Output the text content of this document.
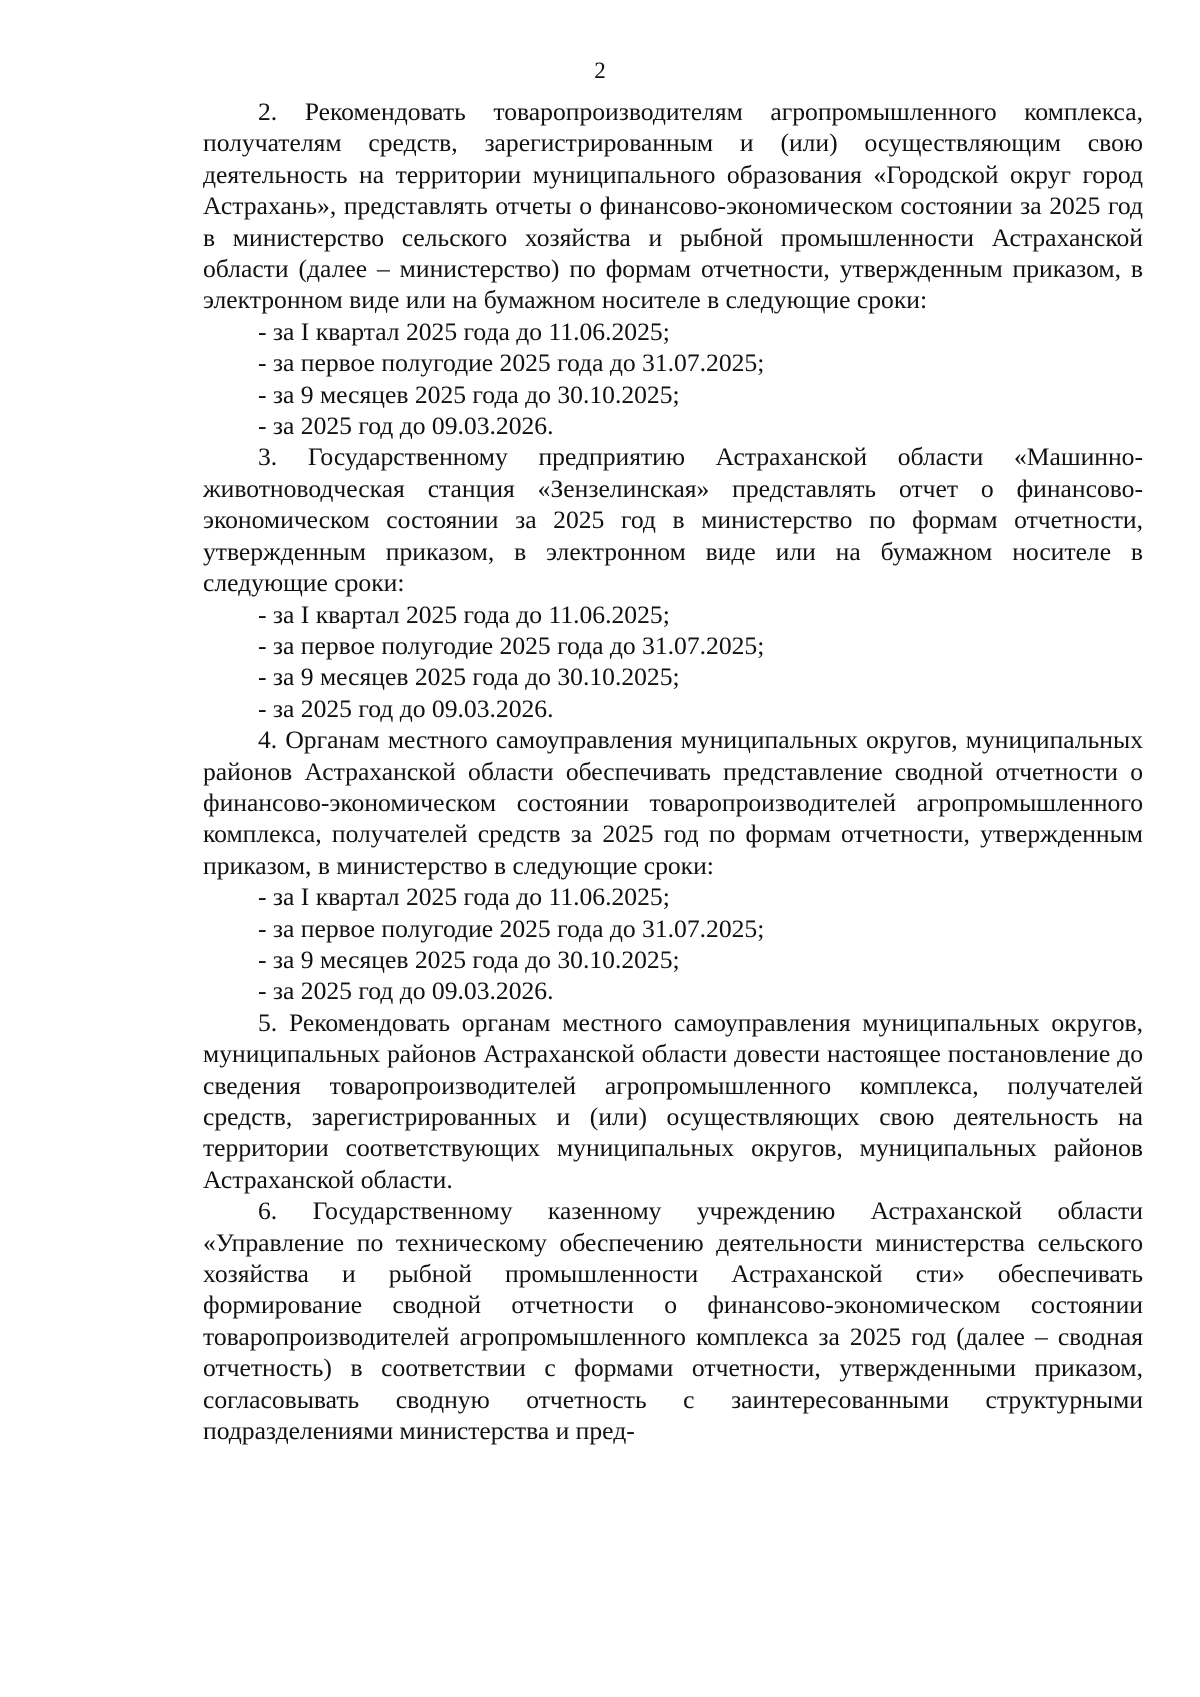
2

2. Рекомендовать товаропроизводителям агропромышленного комплекса, получателям средств, зарегистрированным и (или) осуществляющим свою деятельность на территории муниципального образования «Городской округ город Астрахань», представлять отчеты о финансово-экономическом состоянии за 2025 год в министерство сельского хозяйства и рыбной промышленности Астраханской области (далее – министерство) по формам отчетности, утвержденным приказом, в электронном виде или на бумажном носителе в следующие сроки:

- за I квартал 2025 года до 11.06.2025;

- за первое полугодие 2025 года до 31.07.2025;

- за 9 месяцев 2025 года до 30.10.2025;

- за 2025 год до 09.03.2026.

3. Государственному предприятию Астраханской области «Машинно-животноводческая станция «Зензелинская» представлять отчет о финансово-экономическом состоянии за 2025 год в министерство по формам отчетности, утвержденным приказом, в электронном виде или на бумажном носителе в следующие сроки:

- за I квартал 2025 года до 11.06.2025;

- за первое полугодие 2025 года до 31.07.2025;

- за 9 месяцев 2025 года до 30.10.2025;

- за 2025 год до 09.03.2026.

4. Органам местного самоуправления муниципальных округов, муниципальных районов Астраханской области обеспечивать представление сводной отчетности о финансово-экономическом состоянии товаропроизводителей агропромышленного комплекса, получателей средств за 2025 год по формам отчетности, утвержденным приказом, в министерство в следующие сроки:

- за I квартал 2025 года до 11.06.2025;

- за первое полугодие 2025 года до 31.07.2025;

- за 9 месяцев 2025 года до 30.10.2025;

- за 2025 год до 09.03.2026.

5. Рекомендовать органам местного самоуправления муниципальных округов, муниципальных районов Астраханской области довести настоящее постановление до сведения товаропроизводителей агропромышленного комплекса, получателей средств, зарегистрированных и (или) осуществляющих свою деятельность на территории соответствующих муниципальных округов, муниципальных районов Астраханской области.

6. Государственному казенному учреждению Астраханской области «Управление по техническому обеспечению деятельности министерства сельского хозяйства и рыбной промышленности Астраханской сти» обеспечивать формирование сводной отчетности о финансово-экономическом состоянии товаропроизводителей агропромышленного комплекса за 2025 год (далее – сводная отчетность) в соответствии с формами отчетности, утвержденными приказом, согласовывать сводную отчетность с заинтересованными структурными подразделениями министерства и пред-
